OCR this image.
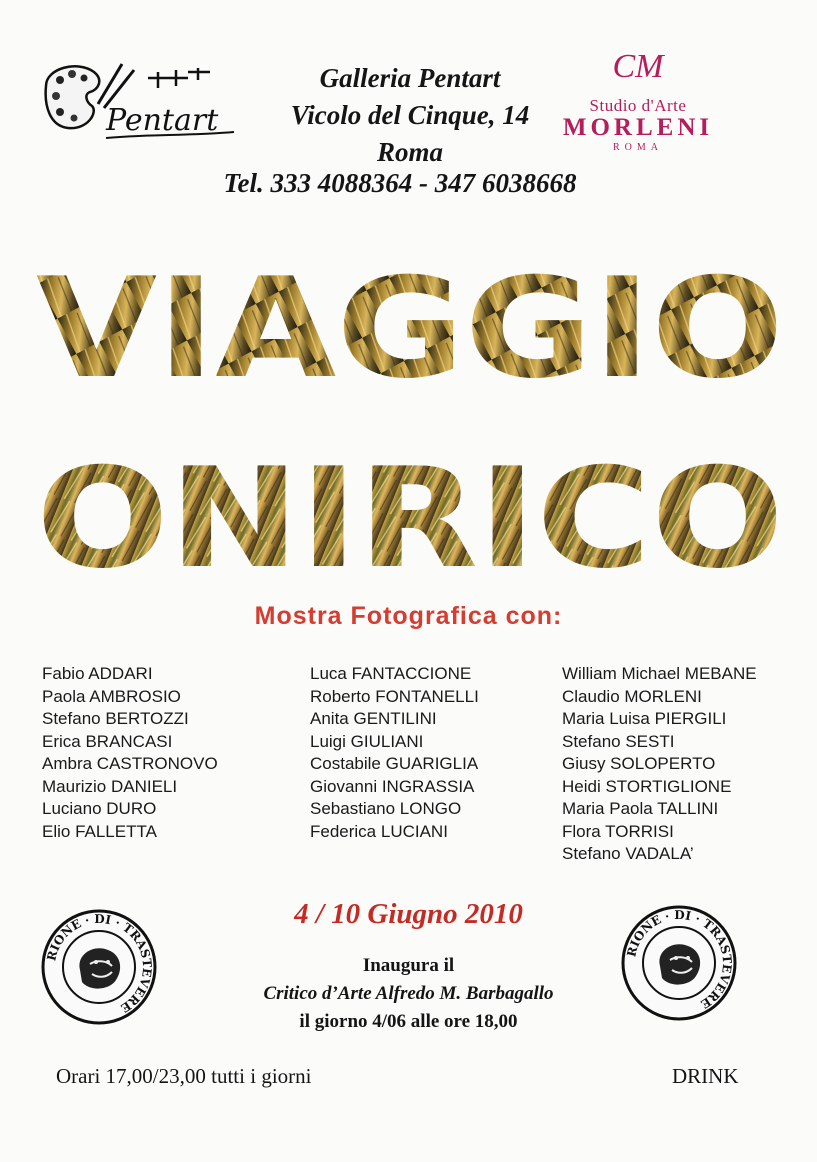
Pentart
Galleria Pentart
Vicolo del Cinque, 14
Roma
Tel. 333 4088364 - 347 6038668
CM
Studio d'Arte
MORLENI
ROMA
VIAGGIO
ONIRICO
Mostra Fotografica con:
Fabio ADDARI
Paola AMBROSIO
Stefano BERTOZZI
Erica BRANCASI
Ambra CASTRONOVO
Maurizio DANIELI
Luciano DURO
Elio FALLETTA
Luca FANTACCIONE
Roberto FONTANELLI
Anita GENTILINI
Luigi GIULIANI
Costabile GUARIGLIA
Giovanni INGRASSIA
Sebastiano LONGO
Federica LUCIANI
William Michael MEBANE
Claudio MORLENI
Maria Luisa PIERGILI
Stefano SESTI
Giusy SOLOPERTO
Heidi STORTIGLIONE
Maria Paola TALLINI
Flora TORRISI
Stefano VADALA’
4 / 10 Giugno 2010
Inaugura il
Critico d’Arte Alfredo M. Barbagallo
il giorno 4/06 alle ore 18,00
RIONE · DI · TRASTEVERE
RIONE · DI · TRASTEVERE
Orari 17,00/23,00 tutti i giorni	DRINK
